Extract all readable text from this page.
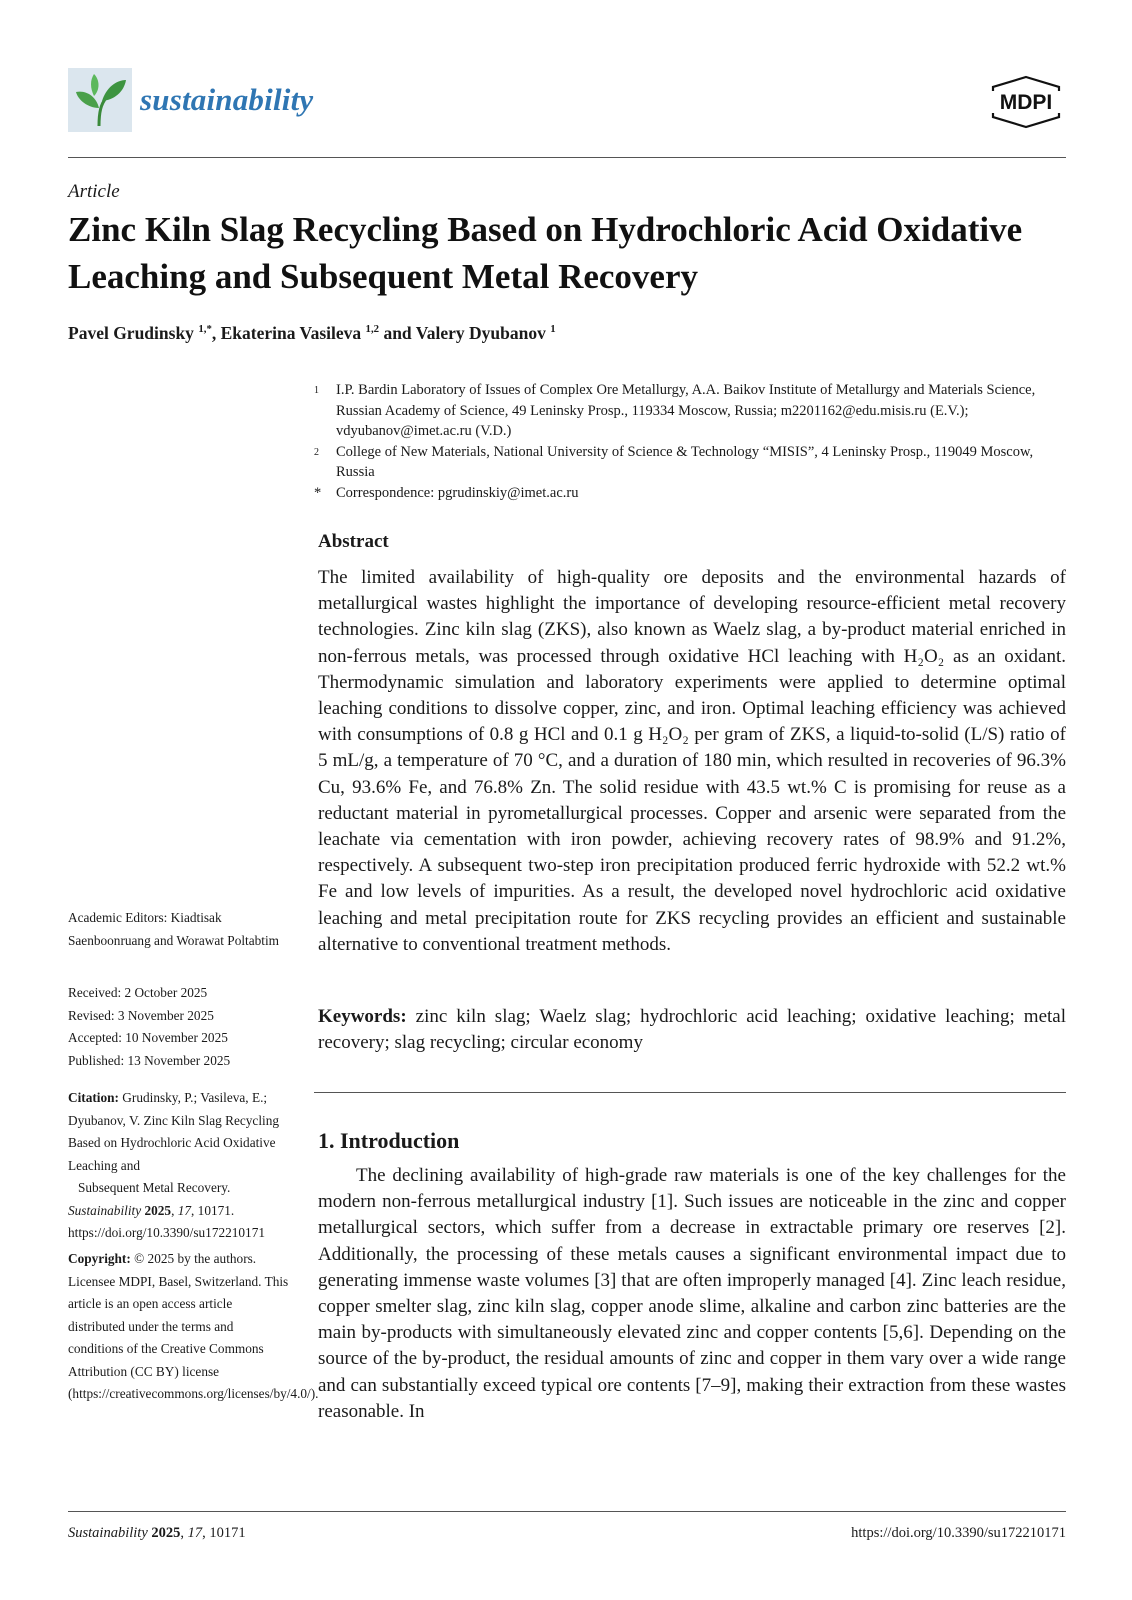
sustainability	MDPI
Article
Zinc Kiln Slag Recycling Based on Hydrochloric Acid Oxidative Leaching and Subsequent Metal Recovery
Pavel Grudinsky $^{1,*}$, Ekaterina Vasileva $^{1,2}$ and Valery Dyubanov $^1$
1	I.P. Bardin Laboratory of Issues of Complex Ore Metallurgy, A.A. Baikov Institute of Metallurgy and Materials Science, Russian Academy of Science, 49 Leninsky Prosp., 119334 Moscow, Russia; m2201162@edu.misis.ru (E.V.); vdyubanov@imet.ac.ru (V.D.)
2	College of New Materials, National University of Science & Technology “MISIS”, 4 Leninsky Prosp., 119049 Moscow, Russia
*	Correspondence: pgrudinskiy@imet.ac.ru
Abstract
The limited availability of high-quality ore deposits and the environmental hazards of metallurgical wastes highlight the importance of developing resource-efficient metal recovery technologies. Zinc kiln slag (ZKS), also known as Waelz slag, a by-product material enriched in non-ferrous metals, was processed through oxidative HCl leaching with H₂O₂ as an oxidant. Thermodynamic simulation and laboratory experiments were applied to determine optimal leaching conditions to dissolve copper, zinc, and iron. Optimal leaching efficiency was achieved with consumptions of 0.8 g HCl and 0.1 g H₂O₂ per gram of ZKS, a liquid-to-solid (L/S) ratio of 5 mL/g, a temperature of 70 °C, and a duration of 180 min, which resulted in recoveries of 96.3% Cu, 93.6% Fe, and 76.8% Zn. The solid residue with 43.5 wt.% C is promising for reuse as a reductant material in pyrometallurgical processes. Copper and arsenic were separated from the leachate via cementation with iron powder, achieving recovery rates of 98.9% and 91.2%, respectively. A subsequent two-step iron precipitation produced ferric hydroxide with 52.2 wt.% Fe and low levels of impurities. As a result, the developed novel hydrochloric acid oxidative leaching and metal precipitation route for ZKS recycling provides an efficient and sustainable alternative to conventional treatment methods.
Keywords: zinc kiln slag; Waelz slag; hydrochloric acid leaching; oxidative leaching; metal recovery; slag recycling; circular economy
1. Introduction
The declining availability of high-grade raw materials is one of the key challenges for the modern non-ferrous metallurgical industry [1]. Such issues are noticeable in the zinc and copper metallurgical sectors, which suffer from a decrease in extractable primary ore reserves [2]. Additionally, the processing of these metals causes a significant environmental impact due to generating immense waste volumes [3] that are often improperly managed [4]. Zinc leach residue, copper smelter slag, zinc kiln slag, copper anode slime, alkaline and carbon zinc batteries are the main by-products with simultaneously elevated zinc and copper contents [5,6]. Depending on the source of the by-product, the residual amounts of zinc and copper in them vary over a wide range and can substantially exceed typical ore contents [7–9], making their extraction from these wastes reasonable. In
Academic Editors: Kiadtisak Saenboonruang and Worawat Poltabtim
Received: 2 October 2025
Revised: 3 November 2025
Accepted: 10 November 2025
Published: 13 November 2025
Citation: Grudinsky, P.; Vasileva, E.; Dyubanov, V. Zinc Kiln Slag Recycling Based on Hydrochloric Acid Oxidative Leaching and
Subsequent Metal Recovery.
Sustainability 2025, 17, 10171.
https://doi.org/10.3390/su172210171
Copyright: © 2025 by the authors. Licensee MDPI, Basel, Switzerland. This article is an open access article distributed under the terms and conditions of the Creative Commons Attribution (CC BY) license (https://creativecommons.org/licenses/by/4.0/).
Sustainability 2025, 17, 10171	https://doi.org/10.3390/su172210171
